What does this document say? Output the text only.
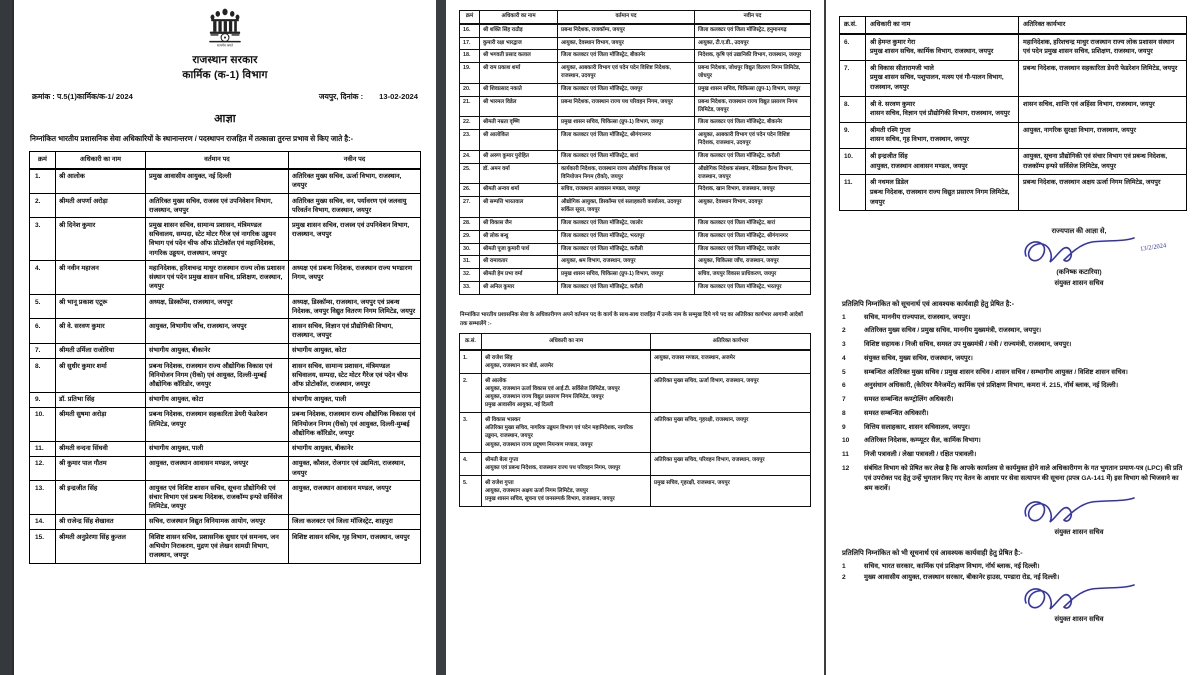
सत्यमेव जयते
राजस्थान सरकार
कार्मिक (क-1) विभाग
क्रमांक : प.5(1)कार्मिक/क-1/ 2024	जयपुर, दिनांक : 13-02-2024
आज्ञा
निम्नांकित भारतीय प्रशासनिक सेवा अधिकारियों के स्थानान्तरण / पदस्थापन राजहित में तत्काल्रा तुरन्त प्रभाव से किए जाते है:-
क्रमं	अधिकारी का नाम	वर्तमान पद	नवीन पद
1.	श्री आलोक	प्रमुख आवासीय आयुक्त, नई दिल्ली	अतिरिक्त मुख्य सचिव, ऊर्जा विभाग, राजस्थान, जयपुर
2.	श्रीमती अपर्णा अरोड़ा	अतिरिक्त मुख्य सचिव, राजस्व एवं उपनिवेशन विभाग, राजस्थान, जयपुर	अतिरिक्त मुख्य सचिव, वन, पर्यावरण एवं जलवायु परिवर्तन विभाग, राजस्थान, जयपुर
3.	श्री दिनेश कुमार	प्रमुख शासन सचिव, सामान्य प्रशासन, मंत्रिमण्डल सचिवालय, सम्पदा, स्टेट मोटर गैरेज एवं नागरिक उड्डयन विभाग एवं पदेन चीफ ऑफ प्रोटोकॉल एवं महानिदेशक, नागरिक उड्डयन, राजस्थान, जयपुर	प्रमुख शासन सचिव, राजस्व एवं उपनिवेशन विभाग, राजस्थान, जयपुर
4.	श्री नवीन महाजन	महानिदेशक, हरिशचन्द्र माथुर राजस्थान राज्य लोक प्रशासन संस्थान एवं पदेन प्रमुख शासन सचिव, प्रशिक्षण, राजस्थान, जयपुर	अध्यक्ष एवं प्रबन्ध निदेशक, राजस्थान राज्य भण्डारण निगम, जयपुर
5.	श्री भानू प्रकाश एटूरू	अध्यक्ष, डिस्कॉम्स, राजस्थान, जयपुर	अध्यक्ष, डिस्कॉम्स, राजस्थान, जयपुर एवं प्रबन्ध निदेशक, जयपुर विद्युत वितरण निगम लिमिटेड, जयपुर
6.	श्री वे. सरवण कुमार	आयुक्त, विभागीय जाँच, राजस्थान, जयपुर	शासन सचिव, विज्ञान एवं प्रौद्योगिकी विभाग, राजस्थान, जयपुर
7.	श्रीमती उर्मिला राजोरिया	संभागीय आयुक्त, बीकानेर	संभागीय आयुक्त, कोटा
8.	श्री सुधीर कुमार शर्मा	प्रबन्ध निदेशक, राजस्थान राज्य औद्योगिक विकास एवं विनियोजन निगम (रीको) एवं आयुक्त, दिल्ली-मुम्बई औद्योगिक कॉरिडोर, जयपुर	शासन सचिव, सामान्य प्रशासन, मंत्रिमण्डल सचिवालय, सम्पदा, स्टेट मोटर गैरेज एवं पदेन चीफ ऑफ प्रोटोकॉल, राजस्थान, जयपुर
9.	डॉ. प्रतिभा सिंह	संभागीय आयुक्त, कोटा	संभागीय आयुक्त, पाली
10.	श्रीमती सुषमा अरोड़ा	प्रबन्ध निदेशक, राजस्थान सहकारिता डेयरी फेडरेशन लिमिटेड, जयपुर	प्रबन्ध निदेशक, राजस्थान राज्य औद्योगिक विकास एवं विनियोजन निगम (रीको) एवं आयुक्त, दिल्ली-मुम्बई औद्योगिक कॉरिडोर, जयपुर
11.	श्रीमती वन्दना सिंघवी	संभागीय आयुक्त, पाली	संभागीय आयुक्त, बीकानेर
12.	श्री कुमार पाल गौतम	आयुक्त, राजस्थान आवासन मण्डल, जयपुर	आयुक्त, कौशल, रोजगार एवं उद्यमिता, राजस्थान, जयपुर
13.	श्री इन्द्रजीत सिंह	आयुक्त एवं विशिष्ट शासन सचिव, सूचना प्रौद्योगिकी एवं संचार विभाग एवं प्रबन्ध निदेशक, राजकॉम्प इन्फो सर्विसेज लिमिटेड, जयपुर	आयुक्त, राजस्थान आवासन मण्डल, जयपुर
14.	श्री राजेन्द्र सिंह शेखावत	सचिव, राजस्थान विद्युत विनियामक आयोग, जयपुर	जिला कलक्टर एवं जिला मॉजिस्ट्रेट, शाहपुरा
15.	श्रीमती अनुप्रेरणा सिंह कुन्तल	विशिष्ट शासन सचिव, प्रशासनिक सुधार एवं समन्वय, जन अभियोग निराकरण, मुद्रण एवं लेखन सामग्री विभाग, राजस्थान, जयपुर	विशिष्ट शासन सचिव, गृह विभाग, राजस्थान, जयपुर
क्रमं	अधिकारी का नाम	वर्तमान पद	नवीन पद
16.	श्री शक्ति सिंह राठौड़	प्रबन्ध निदेशक, राजकॉम्प, जयपुर	जिला कलक्टर एवं जिला मॉजिस्ट्रेट, हनुमानगढ़
17.	कुमारी रक्षा भारद्वाज	आयुक्त, देवस्थान विभाग, जयपुर	आयुक्त, टी.ए.डी., उदयपुर
18.	श्री भगवती प्रसाद कलाल	जिला कलक्टर एवं जिला मॉजिस्ट्रेट, बीकानेर	निदेशक, कृषि एवं उद्यानिकी विभाग, राजस्थान, जयपुर
19.	श्री राम प्रकाश शर्मा	आयुक्त, आबकारी विभाग एवं पदेन पदेन विशिष्ट निदेशक, राजस्थान, उदयपुर	प्रबन्ध निदेशक, जोधपुर विद्युत वितरण निगम लिमिटेड, जोधपुर
20.	श्री शिवप्रसाद नकाते	जिला कलक्टर एवं जिला मॉजिस्ट्रेट, जयपुर	प्रमुख शासन सचिव, चिकित्सा (ग्रुप-1) विभाग, जयपुर
21.	श्री भारमल विडेल	प्रबन्ध निदेशक, राजस्थान राज्य पथ परिवहन निगम, जयपुर	प्रबन्ध निदेशक, राजस्थान राज्य विद्युत प्रसारण निगम लिमिटेड, जयपुर
22.	श्रीमती नम्रता वृष्णि	प्रमुख शासन सचिव, चिकित्सा (ग्रुप-1) विभाग, जयपुर	जिला कलक्टर एवं जिला मॉजिस्ट्रेट, बीकानेर
23.	श्री आलोकित	जिला कलक्टर एवं जिला मॉजिस्ट्रेट, श्रीगंगानगर	आयुक्त, आबकारी विभाग एवं पदेन पदेन विशिष्ट निदेशक, राजस्थान, उदयपुर
24.	श्री अरुण कुमार पुरोहित	जिला कलक्टर एवं जिला मॉजिस्ट्रेट, बारां	जिला कलक्टर एवं जिला मॉजिस्ट्रेट, करौली
25.	डॉ. अमन वर्मा	कार्यकारी निदेशक, राजस्थान राज्य औद्योगिक विकास एवं विनियोजन निगम (रीको), जयपुर	औद्योगिक निदेशक संस्थान, मेडिकल हैल्थ विभाग, राजस्थान, जयपुर
26.	श्रीमती अन्वय शर्मा	सचिव, राजस्थान आवासन मण्डल, जयपुर	निदेशक, खान विभाग, राजस्थान, जयपुर
27.	श्री सम्पत्ति भारतवाल	औद्योगिक आयुक्त, डिस्कॉम्स एवं सलाहकारी कार्यालय, उदयपुर सर्किल सूरत, जयपुर	आयुक्त, देवस्थान विभाग, उदयपुर
28.	श्री विकास जैन	जिला कलक्टर एवं जिला मॉजिस्ट्रेट, जालोर	जिला कलक्टर एवं जिला मॉजिस्ट्रेट, बारां
29.	श्री लोक बन्धु	जिला कलक्टर एवं जिला मॉजिस्ट्रेट, भरतपुर	जिला कलक्टर एवं जिला मॉजिस्ट्रेट, श्रीगंगानगर
30.	श्रीमती पूजा कुमारी पार्थ	जिला कलक्टर एवं जिला मॉजिस्ट्रेट, करौली	जिला कलक्टर एवं जिला मॉजिस्ट्रेट, जालोर
31.	श्री रामावतार	आयुक्त, श्रम विभाग, राजस्थान, जयपुर	आयुक्त, चिकित्सा जाँच, राजस्थान, जयपुर
32.	श्रीमती हेम प्रभा वर्मा	प्रमुख शासन सचिव, चिकित्सा (ग्रुप-1) विभाग, जयपुर	सचिव, जयपुर विकास प्राधिकरण, जयपुर
33.	श्री अनिल कुमार	जिला कलक्टर एवं जिला मॉजिस्ट्रेट, करौली	जिला कलक्टर एवं जिला मॉजिस्ट्रेट, भरतपुर
निम्नांकित भारतीय प्रशासनिक सेवा के अधिकारीगण अपने वर्तमान पद के कार्य के साथ-साथ राजहित में उनके नाम के सम्मुख दिये गये पद का अतिरिक्त कार्यभार आगामी आदेशों तक सम्भालेंगे :-
क्र.सं.	अधिकारी का नाम	अतिरिक्त कार्यभार
1.	श्री राजेश सिंह
आयुक्त, राजस्थान कर बोर्ड, अजमेर	आयुक्त, राजस्व मण्डल, राजस्थान, अजमेर
2.	श्री आलोक
आयुक्त, राजस्थान ऊर्जा विकास एवं आई.टी. सर्विसेज लिमिटेड, जयपुर
आयुक्त, राजस्थान राज्य विद्युत प्रसारण निगम लिमिटेड, जयपुर
प्रमुख आवासीय आयुक्त, नई दिल्ली	अतिरिक्त मुख्य सचिव, ऊर्जा विभाग, राजस्थान, जयपुर
3.	श्री विकास भास्कर
अतिरिक्त मुख्य सचिव, नागरिक उड्डयन विभाग एवं पदेन महानिदेशक, नागरिक उड्डयन, राजस्थान, जयपुर
आयुक्त, राजस्थान राज्य प्रदूषण नियन्त्रण मण्डल, जयपुर	अतिरिक्त मुख्य सचिव, गृहरक्षी, राजस्थान, जयपुर
4.	श्रीमती बेला गुप्ता
आयुक्त एवं प्रबन्ध निदेशक, राजस्थान राज्य पथ परिवहन निगम, जयपुर	अतिरिक्त मुख्य सचिव, परिवहन विभाग, राजस्थान, जयपुर
5.	श्री राजेश गुप्ता
आयुक्त, राजस्थान अक्षय ऊर्जा निगम लिमिटेड, जयपुर
प्रमुख शासन सचिव, सूचना एवं जनसम्पर्क विभाग, राजस्थान, जयपुर	प्रमुख सचिव, गृहरक्षी, राजस्थान, जयपुर
क्र.सं.	अधिकारी का नाम	अतिरिक्त कार्यभार
6.	श्री हेमन्त कुमार गेरा
प्रमुख शासन सचिव, कार्मिक विभाग, राजस्थान, जयपुर	महानिदेशक, हरिशचन्द्र माथुर राजस्थान राज्य लोक प्रशासन संस्थान एवं पदेन प्रमुख शासन सचिव, प्रशिक्षण, राजस्थान, जयपुर
7.	श्री विकास सीतारामजी भाले
प्रमुख शासन सचिव, पशुपालन, मत्स्य एवं गौ-पालन विभाग, राजस्थान, जयपुर	प्रबन्ध निदेशक, राजस्थान सहकारिता डेयरी फेडरेशन लिमिटेड, जयपुर
8.	श्री वे. सरवण कुमार
शासन सचिव, विज्ञान एवं प्रौद्योगिकी विभाग, राजस्थान, जयपुर	शासन सचिव, शान्ति एवं अहिंसा विभाग, राजस्थान, जयपुर
9.	श्रीमती रश्मि गुप्ता
शासन सचिव, गृह विभाग, राजस्थान, जयपुर	आयुक्त, नागरिक सुरक्षा विभाग, राजस्थान, जयपुर
10.	श्री इन्द्रजीत सिंह
आयुक्त, राजस्थान आवासन मण्डल, जयपुर	आयुक्त, सूचना प्रौद्योगिकी एवं संचार विभाग एवं प्रबन्ध निदेशक, राजकॉम्प इन्फो सर्विसेज लिमिटेड, जयपुर
11.	श्री नथमल डिडेल
प्रबन्ध निदेशक, राजस्थान राज्य विद्युत प्रसारण निगम लिमिटेड, जयपुर	प्रबन्ध निदेशक, राजस्थान अक्षय ऊर्जा निगम लिमिटेड, जयपुर
राज्यपाल की आज्ञा से,
13/2/2024
(कनिष्क कटारिया)
संयुक्त शासन सचिव
प्रतिलिपि निम्नांकित को सूचनार्थ एवं आवश्यक कार्यवाही हेतु प्रेषित है:-
1	सचिव, माननीय राज्यपाल, राजस्थान, जयपुर।
2	अतिरिक्त मुख्य सचिव / प्रमुख सचिव, माननीय मुख्यमंत्री, राजस्थान, जयपुर।
3	विशिष्ट सहायक / निजी सचिव, समस्त उप मुख्यमंत्री / मंत्री / राज्यमंत्री, राजस्थान, जयपुर।
4	संयुक्त सचिव, मुख्य सचिव, राजस्थान, जयपुर।
5	सम्बन्धित अतिरिक्त मुख्य सचिव / प्रमुख शासन सचिव / शासन सचिव / सम्भागीय आयुक्त / विशिष्ट शासन सचिव।
6	अनुसंधान अधिकारी, (केरियर मैनेजमेंट) कार्मिक एवं प्रशिक्षण विभाग, कमरा नं. 215, नॉर्थ ब्लाक, नई दिल्ली।
7	समस्त सम्बन्धित कण्ट्रोलिंग अधिकारी।
8	समस्त सम्बन्धित अधिकारी।
9	वित्तिय सलाहकार, शासन सचिवालय, जयपुर।
10	अतिरिक्त निदेशक, कम्प्यूटर सैल, कार्मिक विभाग।
11	निजी पत्रावली / लेखा पत्रावली / रक्षित पत्रावली।
12	संबंधित विभाग को प्रेषित कर लेख है कि आपके कार्यालय से कार्यमुक्त होने वाले अधिकारीगण के गत भुगतान प्रमाण-पत्र (LPC) की प्रति एवं उपरोक्त पद हेतु उन्हें भुगतान किए गए वेतन के आधार पर सेवा सत्यापन की सूचना (प्रपत्र GA-141 में) इस विभाग को भिजवाने का श्रम करावें।
संयुक्त शासन सचिव
प्रतिलिपि निम्नांकित को भी सूचनार्थ एवं आवश्यक कार्यवाही हेतु प्रेषित है:-
1	सचिव, भारत सरकार, कार्मिक एवं प्रशिक्षण विभाग, नॉर्थ ब्लाक, नई दिल्ली।
2	मुख्य आवासीय आयुक्त, राजस्थान सरकार, बीकानेर हाउस, पण्डारा रोड, नई दिल्ली।
संयुक्त शासन सचिव
